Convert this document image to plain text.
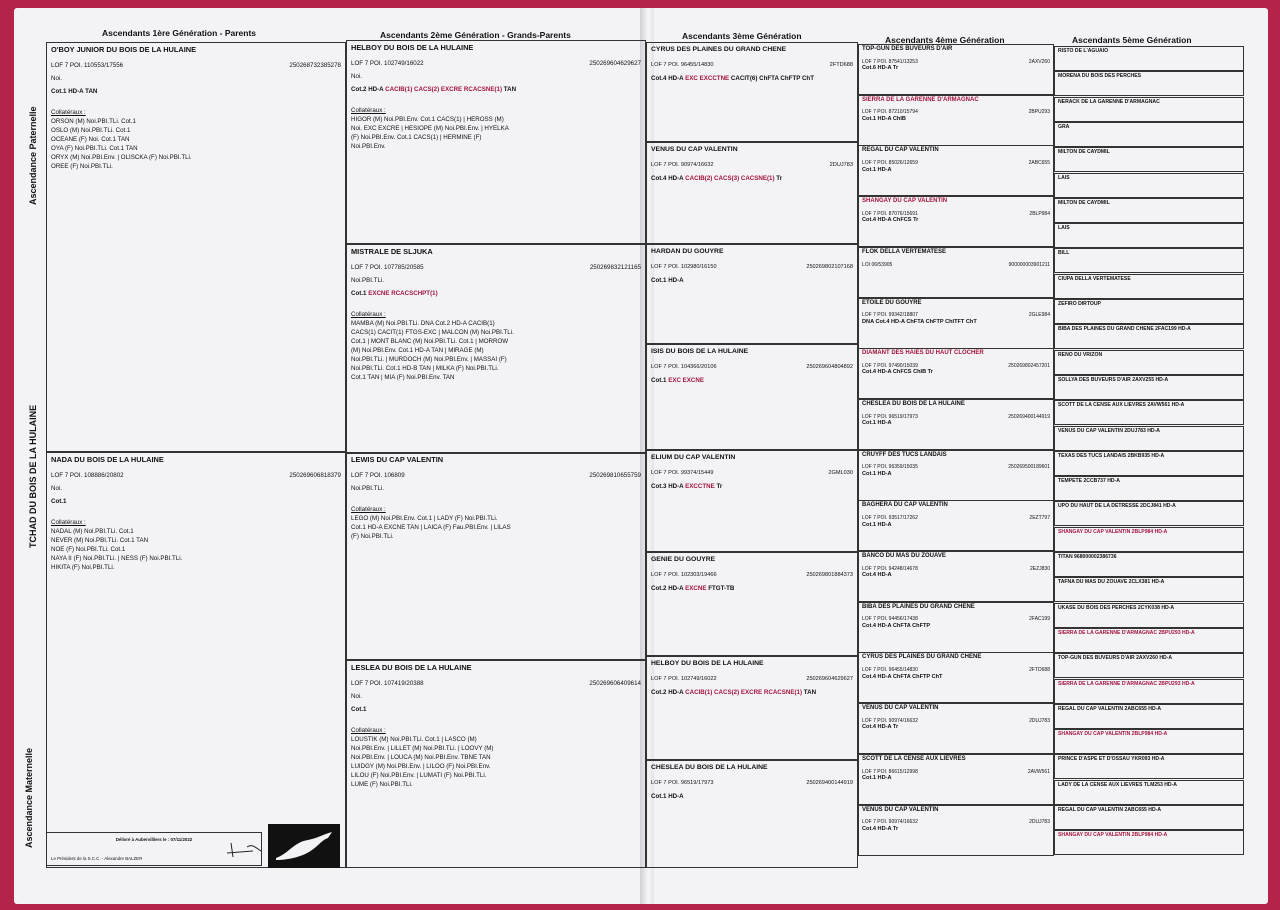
Ascendants 1ère Génération - Parents	Ascendants 2ème Génération - Grands-Parents	Ascendants 3ème Génération	Ascendants 4ème Génération	Ascendants 5ème Génération
Ascendance Paternelle
TCHAD DU BOIS DE LA HULAINE
Ascendance Maternelle
O'BOY JUNIOR DU BOIS DE LA HULAINE
LOF 7 POI. 110553/17556	250268732385278
Noi.
Cot.1 HD-A TAN
Collatéraux :
ORSON (M) Noi.PBI.TLi. Cot.1
OSLO (M) Noi.PBI.TLi. Cot.1
OCEANE (F) Noi. Cot.1 TAN
OYA (F) Noi.PBI.TLi. Cot.1 TAN
ORYX (M) Noi.PBI.Env. | OLISCKA (F) Noi.PBI.TLi.
OREE (F) Noi.PBI.TLi.
NADA DU BOIS DE LA HULAINE
LOF 7 POI. 108886/20802	250269606818379
Noi.
Cot.1
Collatéraux :
NADAL (M) Noi.PBI.TLi. Cot.1
NEVER (M) Noi.PBI.TLi. Cot.1 TAN
NOE (F) Noi.PBI.TLi. Cot.1
NAYA II (F) Noi.PBI.TLi. | NESS (F) Noi.PBI.TLi.
HIKITA (F) Noi.PBI.TLi.
HELBOY DU BOIS DE LA HULAINE
LOF 7 POI. 102749/16022	250269604629627
Noi.
Cot.2 HD-A CACIB(1) CACS(2) EXCRE RCACSNE(1) TAN
Collatéraux :
HIGOR (M) Noi.PBI.Env. Cot.1 CACS(1) | HEROSS (M)
Noi. EXC EXCRE | HESIOPE (M) Noi.PBI.Env. | HYELKA
(F) Noi.PBI.Env. Cot.1 CACS(1) | HERMINE (F)
Noi.PBI.Env.
MISTRALE DE SLJUKA
LOF 7 POI. 107785/20585	250269832121165
Noi.PBI.TLi.
Cot.1 EXCNE RCACSCHPT(1)
Collatéraux :
MAMBA (M) Noi.PBI.TLi. DNA Cot.2 HD-A CACIB(1)
CACS(1) CACIT(1) FTGS-EXC | MALCON (M) Noi.PBI.TLi.
Cot.1 | MONT BLANC (M) Noi.PBI.TLi. Cot.1 | MORROW
(M) Noi.PBI.Env. Cot.1 HD-A TAN | MIRAGE (M)
Noi.PBI.TLi. | MURDOCH (M) Noi.PBI.Env. | MASSAI (F)
Noi.PBI.TLi. Cot.1 HD-B TAN | MILKA (F) Noi.PBI.TLi.
Cot.1 TAN | MIA (F) Noi.PBI.Env. TAN
LEWIS DU CAP VALENTIN
LOF 7 POI. 106809	250269810655759
Noi.PBI.TLi.
Collatéraux :
LEGO (M) Noi.PBI.Env. Cot.1 | LADY (F) Noi.PBI.TLi.
Cot.1 HD-A EXCNE TAN | LAICA (F) Fau.PBI.Env. | LILAS
(F) Noi.PBI.TLi.
LESLEA DU BOIS DE LA HULAINE
LOF 7 POI. 107419/20388	250269606409614
Noi.
Cot.1
Collatéraux :
LOUSTIK (M) Noi.PBI.TLi. Cot.1 | LASCO (M)
Noi.PBI.Env. | LILLET (M) Noi.PBI.TLi. | LOOVY (M)
Noi.PBI.Env. | LOUCA (M) Noi.PBI.Env. TBNE TAN
LUIDGY (M) Noi.PBI.Env. | LILOO (F) Noi.PBI.Env.
LILOU (F) Noi.PBI.Env. | LUMATI (F) Noi.PBI.TLi.
LUME (F) Noi.PBI.TLi.
CYRUS DES PLAINES DU GRAND CHENE
LOF 7 POI. 96455/14830	2FTD688
Cot.4 HD-A EXC EXCCTNE CACIT(6) ChFTA ChFTP ChT
VENUS DU CAP VALENTIN
LOF 7 POI. 90974/16632	2DUJ783
Cot.4 HD-A CACIB(2) CACS(3) CACSNE(1) Tr
HARDAN DU GOUYRE
LOF 7 POI. 102980/16150	250269802107168
Cot.1 HD-A
ISIS DU BOIS DE LA HULAINE
LOF 7 POI. 104366/20106	250269604804892
Cot.1 EXC EXCNE
ELIUM DU CAP VALENTIN
LOF 7 POI. 99374/15449	2GML030
Cot.3 HD-A EXCCTNE Tr
GENIE DU GOUYRE
LOF 7 POI. 102303/19466	250269801884373
Cot.2 HD-A EXCNE FTGT-TB
HELBOY DU BOIS DE LA HULAINE
LOF 7 POI. 102749/16022	250269604629627
Cot.2 HD-A CACIB(1) CACS(2) EXCRE RCACSNE(1) TAN
CHESLEA DU BOIS DE LA HULAINE
LOF 7 POI. 96519/17973	250269400144919
Cot.1 HD-A
TOP-GUN DES BUVEURS D'AIR
LOF 7 POI. 87541/13253	2AXV260
Cot.6 HD-A Tr
SIERRA DE LA GARENNE D'ARMAGNAC
LOF 7 POI. 87210/15794	2BPU293
Cot.1 HD-A ChIB
REGAL DU CAP VALENTIN
LOF 7 POI. 85026/12659	2ABC655
Cot.1 HD-A
SHANGAY DU CAP VALENTIN
LOF 7 POI. 87076/15691	2BLP984
Cot.4 HD-A ChFCS Tr
FLOK DELLA VERTEMATESE
LOI 06/53905	900000003901211
ETOILE DU GOUYRE
LOF 7 POI. 99342/18807	2GLE984
DNA Cot.4 HD-A ChFTA ChFTP ChITFT ChT
DIAMANT DES HAIES DU HAUT CLOCHER
LOF 7 POI. 97490/15039	250269802457201
Cot.4 HD-A ChFCS ChIB Tr
CHESLEA DU BOIS DE LA HULAINE
LOF 7 POI. 96519/17973	250269400144919
Cot.1 HD-A
CRUYFF DES TUCS LANDAIS
LOF 7 POI. 96359/15035	250269500189601
Cot.1 HD-A
BAGHERA DU CAP VALENTIN
LOF 7 POI. 93517/17262	2EZT797
Cot.1 HD-A
BANCO DU MAS DU ZOUAVE
LOF 7 POI. 94248/14678	2EZJ830
Cot.4 HD-A
BIBA DES PLAINES DU GRAND CHENE
LOF 7 POI. 94456/17438	2FAC199
Cot.4 HD-A ChFTA ChFTP
CYRUS DES PLAINES DU GRAND CHENE
LOF 7 POI. 96455/14830	2FTD688
Cot.4 HD-A ChFTA ChFTP ChT
VENUS DU CAP VALENTIN
LOF 7 POI. 90974/16632	2DUJ783
Cot.4 HD-A Tr
SCOTT DE LA CENSE AUX LIEVRES
LOF 7 POI. 86615/12998	2AVW561
Cot.1 HD-A
VENUS DU CAP VALENTIN
LOF 7 POI. 90974/16632	2DUJ783
Cot.4 HD-A Tr
RISTO DE L'AGUAIO
MORENA DU BOIS DES PERCHES
NERACK DE LA GARENNE D'ARMAGNAC
GRA
MILTON DE CAYDMIL
LAIS
MILTON DE CAYDMIL
LAIS
BILL
CIUPA DELLA VERTEMATESE
ZEFIRO DIRTOUP
BIBA DES PLAINES DU GRAND CHENE 2FAC199 HD-A
RENO DU VRIZON
SOLLYA DES BUVEURS D'AIR 2AXV255 HD-A
SCOTT DE LA CENSE AUX LIEVRES 2AVW561 HD-A
VENUS DU CAP VALENTIN 2DUJ783 HD-A
TEXAS DES TUCS LANDAIS 2BKB935 HD-A
TEMPETE 2CCB737 HD-A
UPO DU HAUT DE LA DETRESSE 2DCJ841 HD-A
SHANGAY DU CAP VALENTIN 2BLP984 HD-A
TITAN 968000002386736
TAFNA DU MAS DU ZOUAVE 2CLX381 HD-A
UKASE DU BOIS DES PERCHES 2CYK038 HD-A
SIERRA DE LA GARENNE D'ARMAGNAC 2BPU293 HD-A
TOP-GUN DES BUVEURS D'AIR 2AXV260 HD-A
SIERRA DE LA GARENNE D'ARMAGNAC 2BPU293 HD-A
REGAL DU CAP VALENTIN 2ABC655 HD-A
SHANGAY DU CAP VALENTIN 2BLP984 HD-A
PRINCE D'ASPE ET D'OSSAU YKR093 HD-A
LADY DE LA CENSE AUX LIEVRES TLM253 HD-A
REGAL DU CAP VALENTIN 2ABC655 HD-A
SHANGAY DU CAP VALENTIN 2BLP984 HD-A
Délivré à Aubervilliers le : 07/11/2022
Le Président de la S.C.C. - Alexandre BALZER
